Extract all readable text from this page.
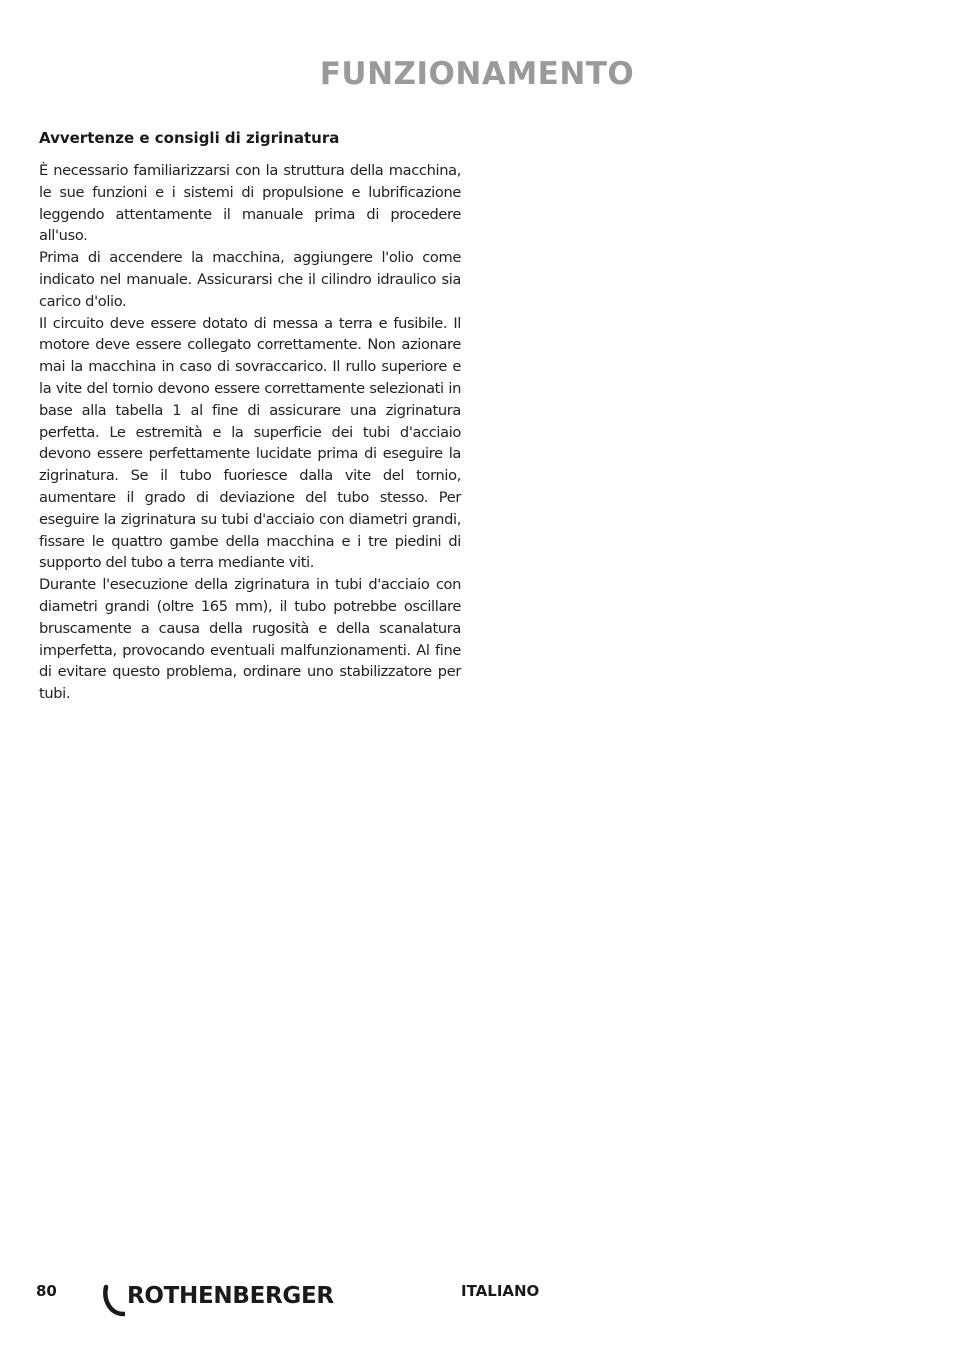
FUNZIONAMENTO
Avvertenze e consigli di zigrinatura

È necessario familiarizzarsi con la struttura della macchina, le sue funzioni e i sistemi di propulsione e lubrificazione leggendo attentamente il manuale prima di procedere all'uso.

Prima di accendere la macchina, aggiungere l'olio come indicato nel manuale. Assicurarsi che il cilindro idraulico sia carico d'olio.

Il circuito deve essere dotato di messa a terra e fusibile. Il motore deve essere collegato correttamente. Non azionare mai la macchina in caso di sovraccarico. Il rullo superiore e la vite del tornio devono essere correttamente selezionati in base alla tabella 1 al fine di assicurare una zigrinatura perfetta. Le estremità e la superficie dei tubi d'acciaio devono essere perfettamente lucidate prima di eseguire la zigrinatura. Se il tubo fuoriesce dalla vite del tornio, aumentare il grado di deviazione del tubo stesso. Per eseguire la zigrinatura su tubi d'acciaio con diametri grandi, fissare le quattro gambe della macchina e i tre piedini di supporto del tubo a terra mediante viti.

Durante l'esecuzione della zigrinatura in tubi d'acciaio con diametri grandi (oltre 165 mm), il tubo potrebbe oscillare bruscamente a causa della rugosità e della scanalatura imperfetta, provocando eventuali malfunzionamenti. Al fine di evitare questo problema, ordinare uno stabilizzatore per tubi.

80	ROTHENBERGER	ITALIANO
